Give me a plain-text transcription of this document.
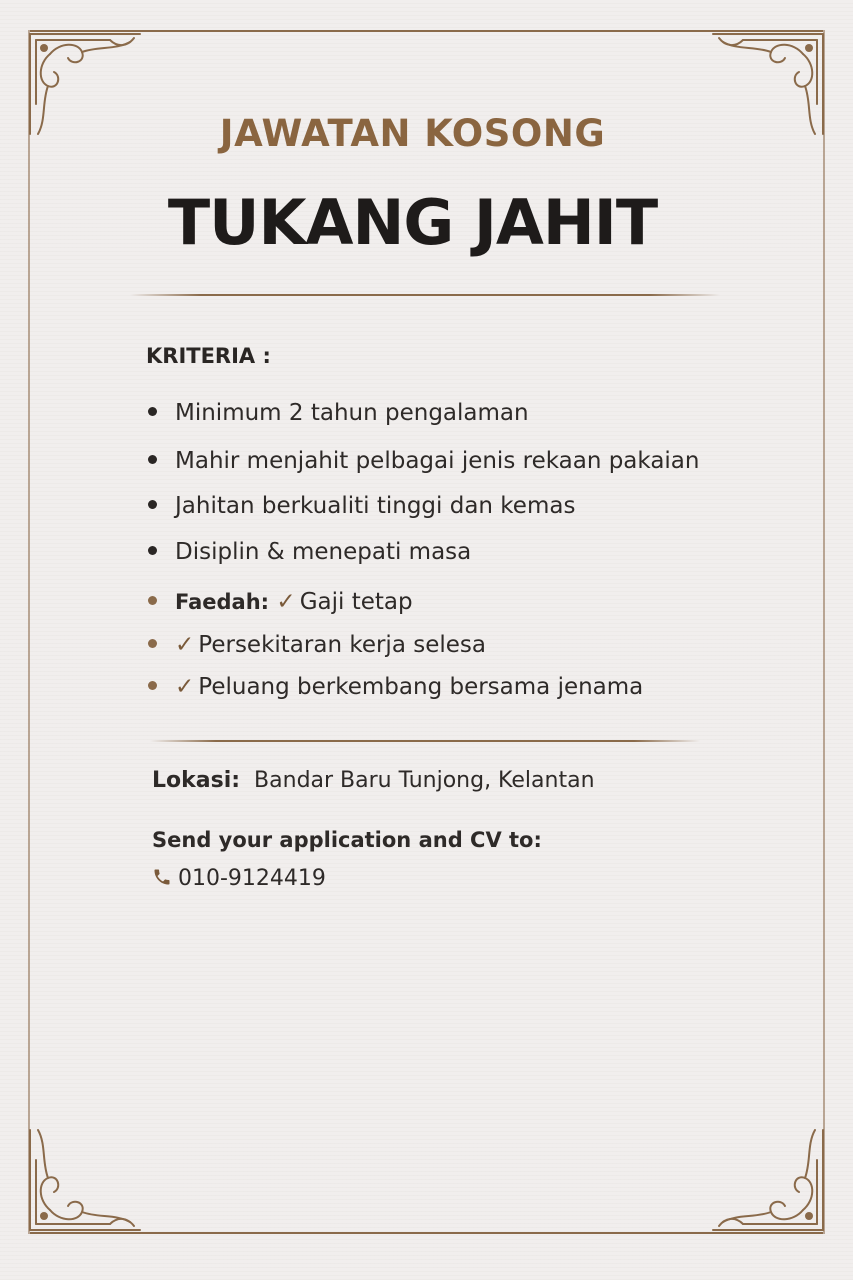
JAWATAN KOSONG
TUKANG JAHIT
KRITERIA :
Minimum 2 tahun pengalaman
Mahir menjahit pelbagai jenis rekaan pakaian
Jahitan berkualiti tinggi dan kemas
Disiplin & menepati masa
Faedah: ✓ Gaji tetap
✓ Persekitaran kerja selesa
✓ Peluang berkembang bersama jenama
Lokasi: Bandar Baru Tunjong, Kelantan
Send your application and CV to:
010-9124419
